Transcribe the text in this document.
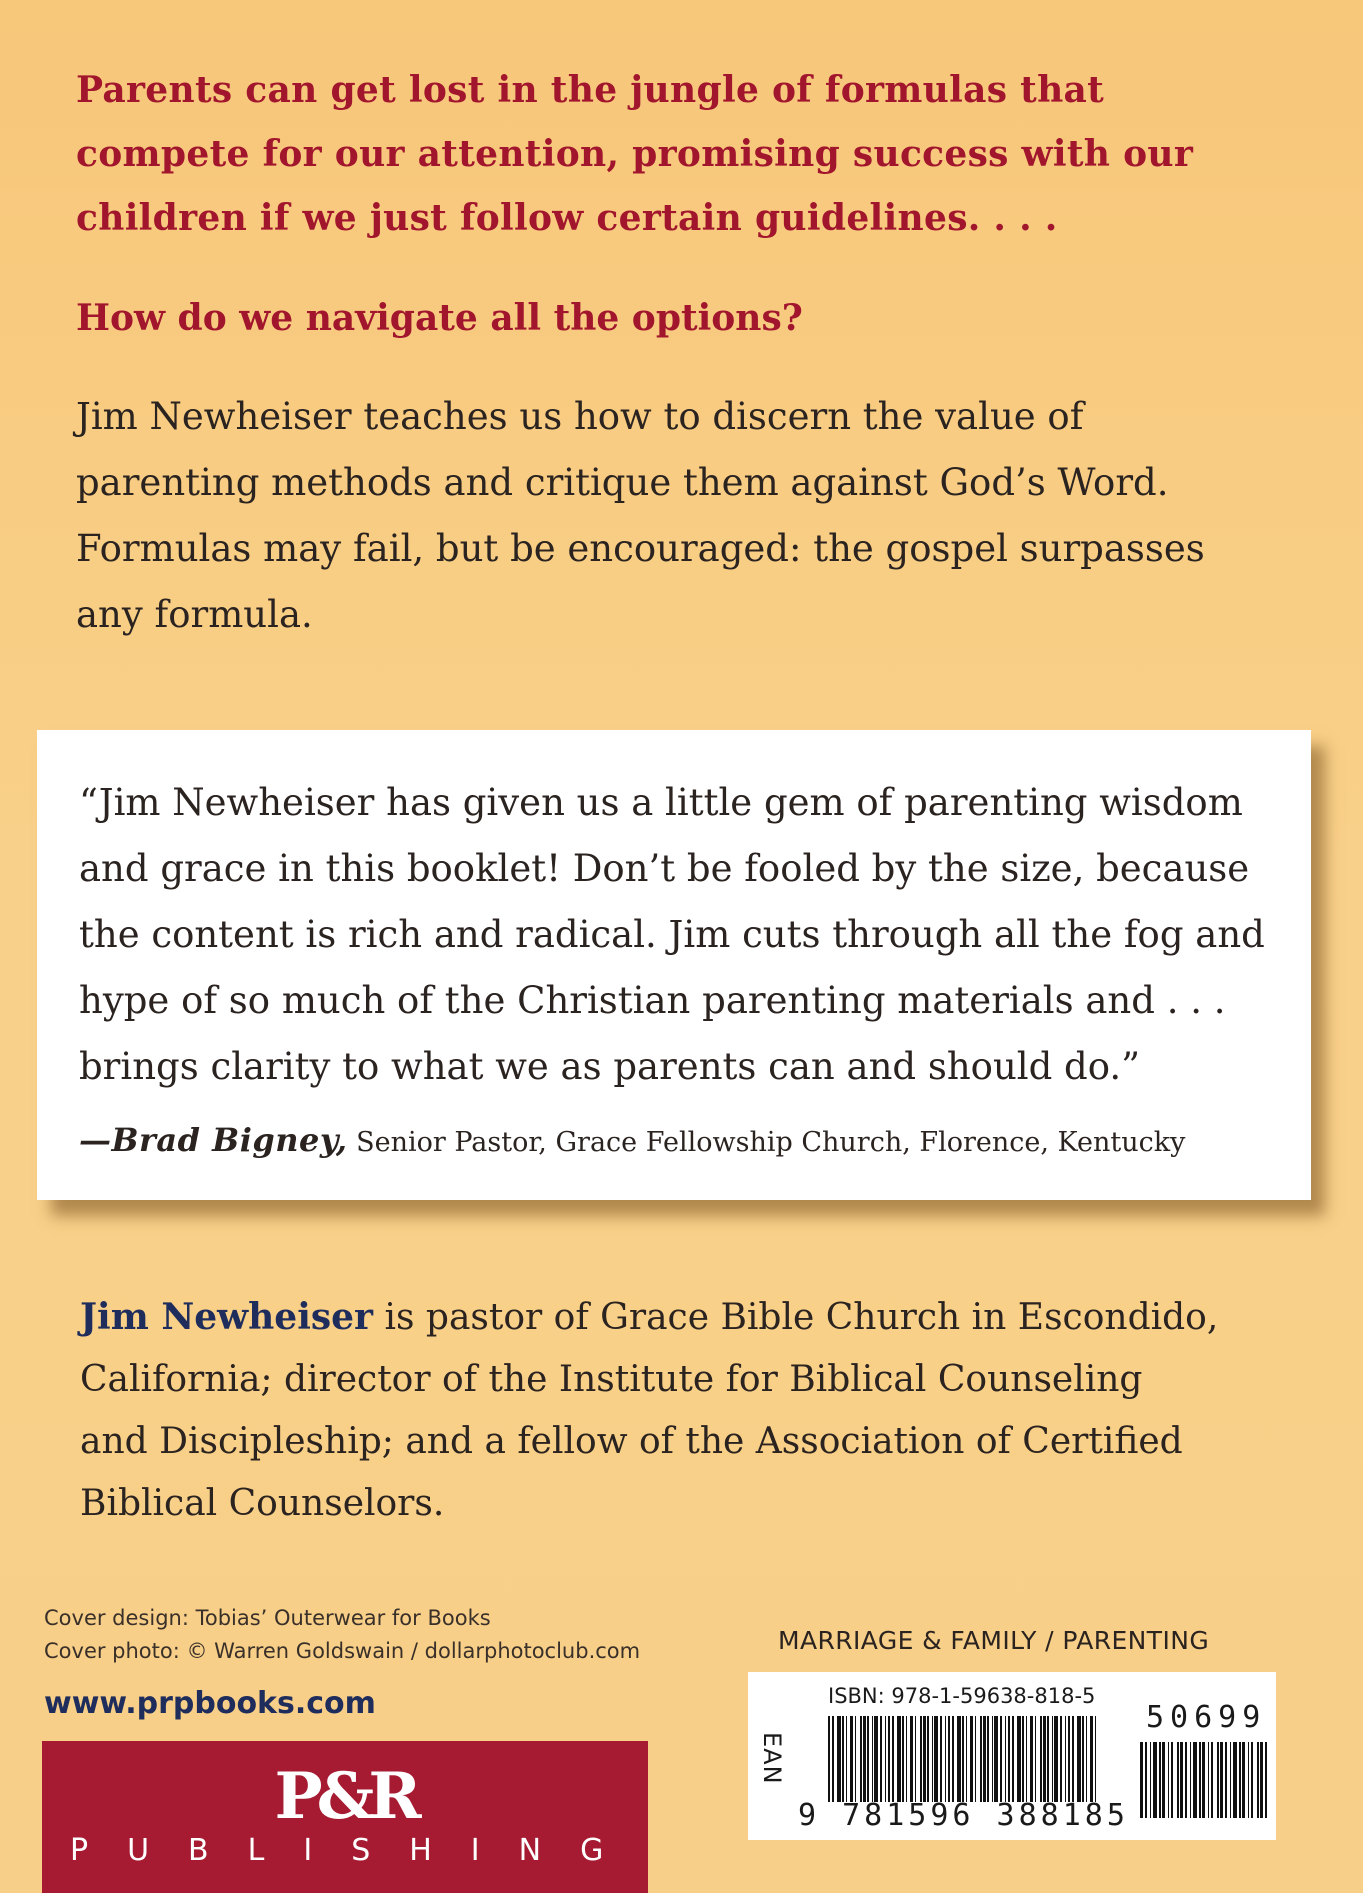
Parents can get lost in the jungle of formulas that
compete for our attention, promising success with our
children if we just follow certain guidelines. . . .
How do we navigate all the options?
Jim Newheiser teaches us how to discern the value of
parenting methods and critique them against God’s Word.
Formulas may fail, but be encouraged: the gospel surpasses
any formula.
“Jim Newheiser has given us a little gem of parenting wisdom
and grace in this booklet! Don’t be fooled by the size, because
the content is rich and radical. Jim cuts through all the fog and
hype of so much of the Christian parenting materials and . . .
brings clarity to what we as parents can and should do.”
—Brad Bigney, Senior Pastor, Grace Fellowship Church, Florence, Kentucky
Jim Newheiser is pastor of Grace Bible Church in Escondido,
California; director of the Institute for Biblical Counseling
and Discipleship; and a fellow of the Association of Certified
Biblical Counselors.
Cover design: Tobias’ Outerwear for Books
Cover photo: © Warren Goldswain / dollarphotoclub.com
www.prpbooks.com
MARRIAGE & FAMILY / PARENTING
P&R
PUBLISHING
ISBN: 978-1-59638-818-5
EAN
9 781596 388185
50699
